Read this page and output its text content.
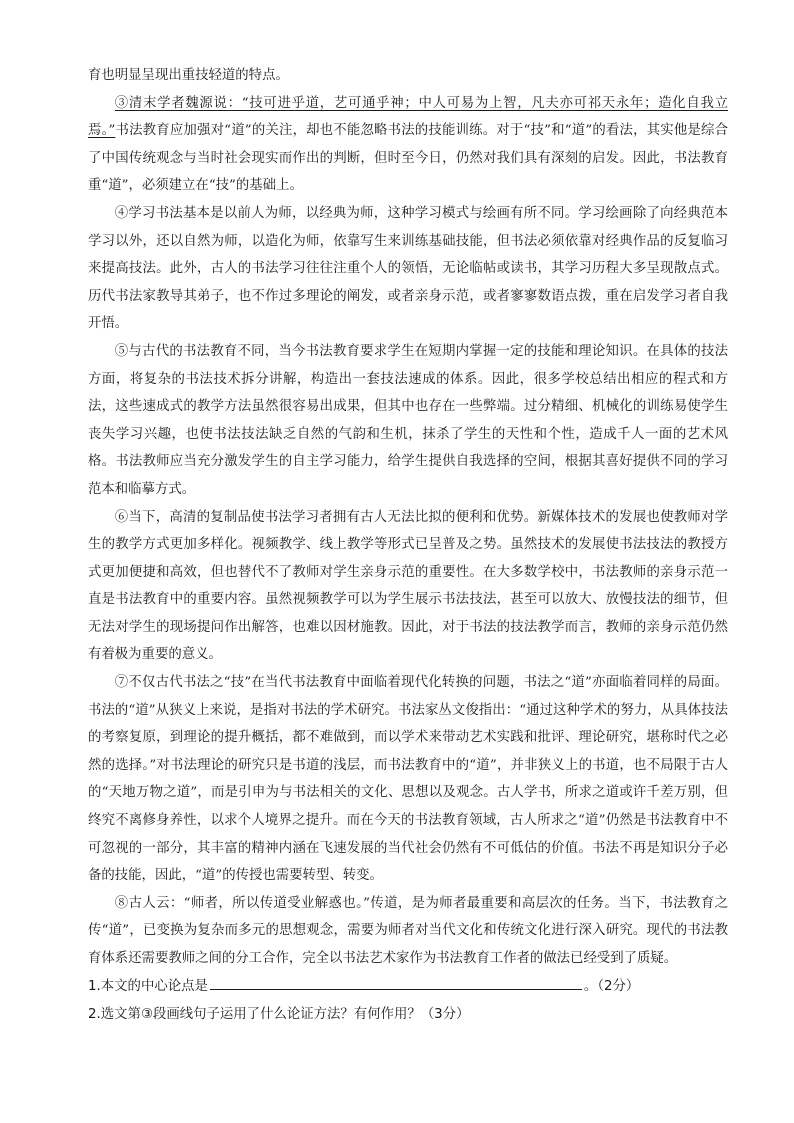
育也明显呈现出重技轻道的特点。

③清末学者魏源说：“技可进乎道，艺可通乎神；中人可易为上智，凡夫亦可祁天永年；造化自我立焉。”书法教育应加强对“道”的关注，却也不能忽略书法的技能训练。对于“技”和“道”的看法，其实他是综合了中国传统观念与当时社会现实而作出的判断，但时至今日，仍然对我们具有深刻的启发。因此，书法教育重“道”，必须建立在“技”的基础上。

④学习书法基本是以前人为师，以经典为师，这种学习模式与绘画有所不同。学习绘画除了向经典范本学习以外，还以自然为师，以造化为师，依靠写生来训练基础技能，但书法必须依靠对经典作品的反复临习来提高技法。此外，古人的书法学习往往注重个人的领悟，无论临帖或读书，其学习历程大多呈现散点式。历代书法家教导其弟子，也不作过多理论的阐发，或者亲身示范，或者寥寥数语点拨，重在启发学习者自我开悟。

⑤与古代的书法教育不同，当今书法教育要求学生在短期内掌握一定的技能和理论知识。在具体的技法方面，将复杂的书法技术拆分讲解，构造出一套技法速成的体系。因此，很多学校总结出相应的程式和方法，这些速成式的教学方法虽然很容易出成果，但其中也存在一些弊端。过分精细、机械化的训练易使学生丧失学习兴趣，也使书法技法缺乏自然的气韵和生机，抹杀了学生的天性和个性，造成千人一面的艺术风格。书法教师应当充分激发学生的自主学习能力，给学生提供自我选择的空间，根据其喜好提供不同的学习范本和临摹方式。

⑥当下，高清的复制品使书法学习者拥有古人无法比拟的便利和优势。新媒体技术的发展也使教师对学生的教学方式更加多样化。视频教学、线上教学等形式已呈普及之势。虽然技术的发展使书法技法的教授方式更加便捷和高效，但也替代不了教师对学生亲身示范的重要性。在大多数学校中，书法教师的亲身示范一直是书法教育中的重要内容。虽然视频教学可以为学生展示书法技法，甚至可以放大、放慢技法的细节，但无法对学生的现场提问作出解答，也难以因材施教。因此，对于书法的技法教学而言，教师的亲身示范仍然有着极为重要的意义。

⑦不仅古代书法之“技”在当代书法教育中面临着现代化转换的问题，书法之“道”亦面临着同样的局面。书法的“道”从狭义上来说，是指对书法的学术研究。书法家丛文俊指出：“通过这种学术的努力，从具体技法的考察复原，到理论的提升概括，都不难做到，而以学术来带动艺术实践和批评、理论研究，堪称时代之必然的选择。”对书法理论的研究只是书道的浅层，而书法教育中的“道”，并非狭义上的书道，也不局限于古人的“天地万物之道”，而是引申为与书法相关的文化、思想以及观念。古人学书，所求之道或许千差万别，但终究不离修身养性，以求个人境界之提升。而在今天的书法教育领域，古人所求之“道”仍然是书法教育中不可忽视的一部分，其丰富的精神内涵在飞速发展的当代社会仍然有不可低估的价值。书法不再是知识分子必备的技能，因此，“道”的传授也需要转型、转变。

⑧古人云：“师者，所以传道受业解惑也。”传道，是为师者最重要和高层次的任务。当下，书法教育之传“道”，已变换为复杂而多元的思想观念，需要为师者对当代文化和传统文化进行深入研究。现代的书法教育体系还需要教师之间的分工合作，完全以书法艺术家作为书法教育工作者的做法已经受到了质疑。

1.本文的中心论点是	。（2分）

2.选文第③段画线句子运用了什么论证方法？有何作用？（3分）
